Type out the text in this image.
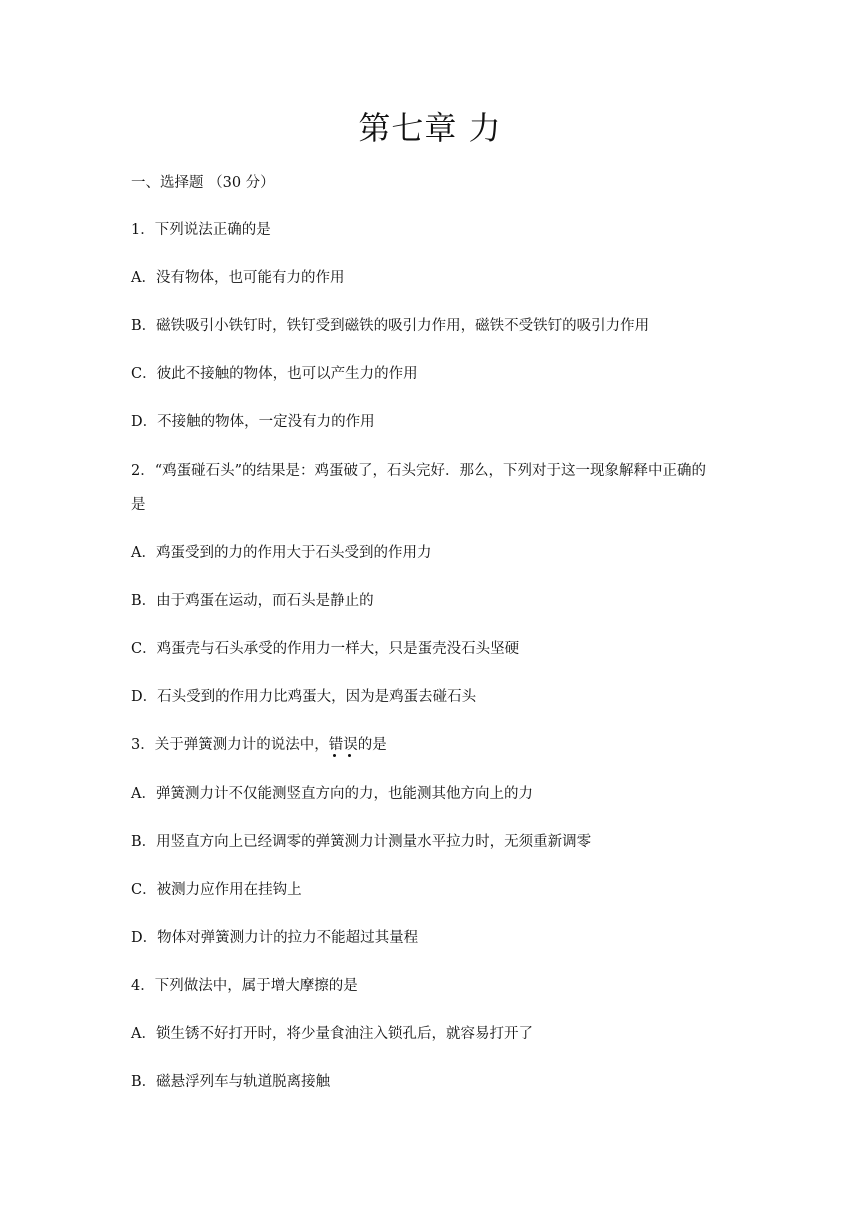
第七章 力
一、选择题 （30 分）
1．下列说法正确的是
A．没有物体，也可能有力的作用
B．磁铁吸引小铁钉时，铁钉受到磁铁的吸引力作用，磁铁不受铁钉的吸引力作用
C．彼此不接触的物体，也可以产生力的作用
D．不接触的物体，一定没有力的作用
2．“鸡蛋碰石头”的结果是：鸡蛋破了，石头完好．那么，下列对于这一现象解释中正确的
是
A．鸡蛋受到的力的作用大于石头受到的作用力
B．由于鸡蛋在运动，而石头是静止的
C．鸡蛋壳与石头承受的作用力一样大，只是蛋壳没石头坚硬
D．石头受到的作用力比鸡蛋大，因为是鸡蛋去碰石头
3．关于弹簧测力计的说法中，错误
的是
A．弹簧测力计不仅能测竖直方向的力，也能测其他方向上的力
B．用竖直方向上已经调零的弹簧测力计测量水平拉力时，无须重新调零
C．被测力应作用在挂钩上
D．物体对弹簧测力计的拉力不能超过其量程
4．下列做法中，属于增大摩擦的是
A．锁生锈不好打开时，将少量食油注入锁孔后，就容易打开了
B．磁悬浮列车与轨道脱离接触
